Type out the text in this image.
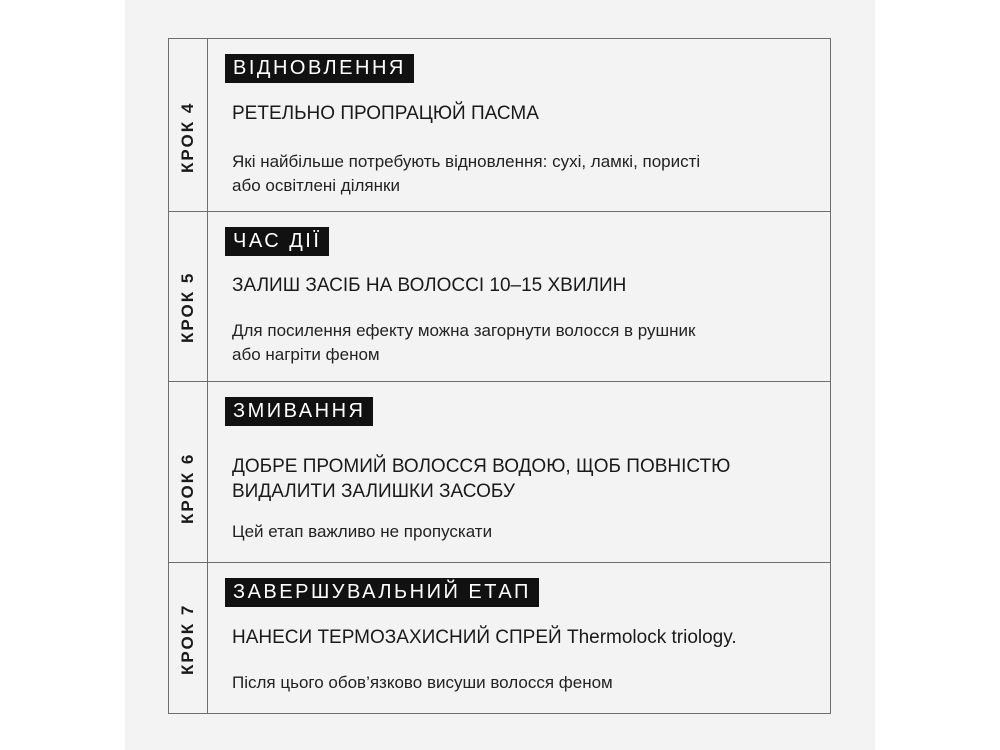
КРОК 4
ВІДНОВЛЕННЯ
РЕТЕЛЬНО ПРОПРАЦЮЙ ПАСМА
Які найбільше потребують відновлення: сухі, ламкі, пористі
або освітлені ділянки
КРОК 5
ЧАС ДІЇ
ЗАЛИШ ЗАСІБ НА ВОЛОССІ 10–15 ХВИЛИН
Для посилення ефекту можна загорнути волосся в рушник
або нагріти феном
КРОК 6
ЗМИВАННЯ
ДОБРЕ ПРОМИЙ ВОЛОССЯ ВОДОЮ, ЩОБ ПОВНІСТЮ
ВИДАЛИТИ ЗАЛИШКИ ЗАСОБУ
Цей етап важливо не пропускати
КРОК 7
ЗАВЕРШУВАЛЬНИЙ ЕТАП
НАНЕСИ ТЕРМОЗАХИСНИЙ СПРЕЙ Thermolock triology.
Після цього обов’язково висуши волосся феном
